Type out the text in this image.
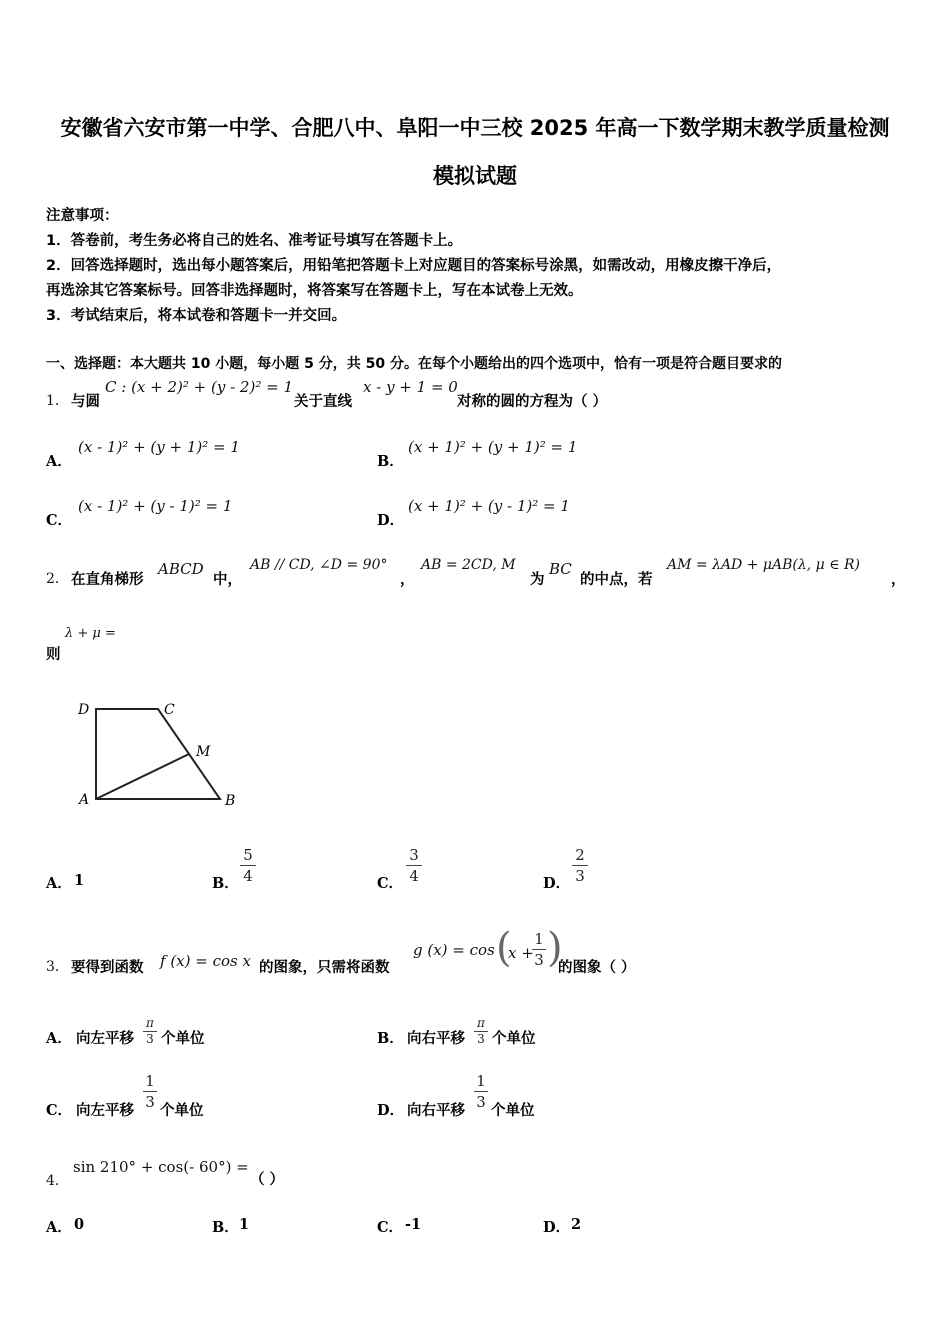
安徽省六安市第一中学、合肥八中、阜阳一中三校 2025 年高一下数学期末教学质量检测
模拟试题
注意事项：
1．答卷前，考生务必将自己的姓名、准考证号填写在答题卡上。
2．回答选择题时，选出每小题答案后，用铅笔把答题卡上对应题目的答案标号涂黑，如需改动，用橡皮擦干净后，
再选涂其它答案标号。回答非选择题时，将答案写在答题卡上，写在本试卷上无效。
3．考试结束后，将本试卷和答题卡一并交回。
一、选择题：本大题共 10 小题，每小题 5 分，共 50 分。在每个小题给出的四个选项中，恰有一项是符合题目要求的
1． 与圆
C : (x + 2)² + (y - 2)² = 1
关于直线
x - y + 1 = 0
对称的圆的方程为（ ）
A．
(x - 1)² + (y + 1)² = 1
B．
(x + 1)² + (y + 1)² = 1
C．
(x - 1)² + (y - 1)² = 1
D．
(x + 1)² + (y - 1)² = 1
2． 在直角梯形
ABCD
中，
AB // CD, ∠D = 90°
，
AB = 2CD, M
为
BC
的中点，若
AM = λAD + μAB(λ, μ ∈ R)
，
则
λ + μ =
D	C
M
A	B
A． 1	B．
5
4	C．
3
4	D．
2
3
3． 要得到函数 f (x) = cos x 的图象，只需将函数
g (x) = cos (
x +
1
3 )
的图象（ ）
A． 向左平移
π
3 个单位	B． 向右平移
π
3 个单位
C． 向左平移
1
3 个单位	D． 向右平移
1
3 个单位
4．
sin 210° + cos(- 60°) =
（ ）
A． 0	B． 1	C． -1	D． 2
